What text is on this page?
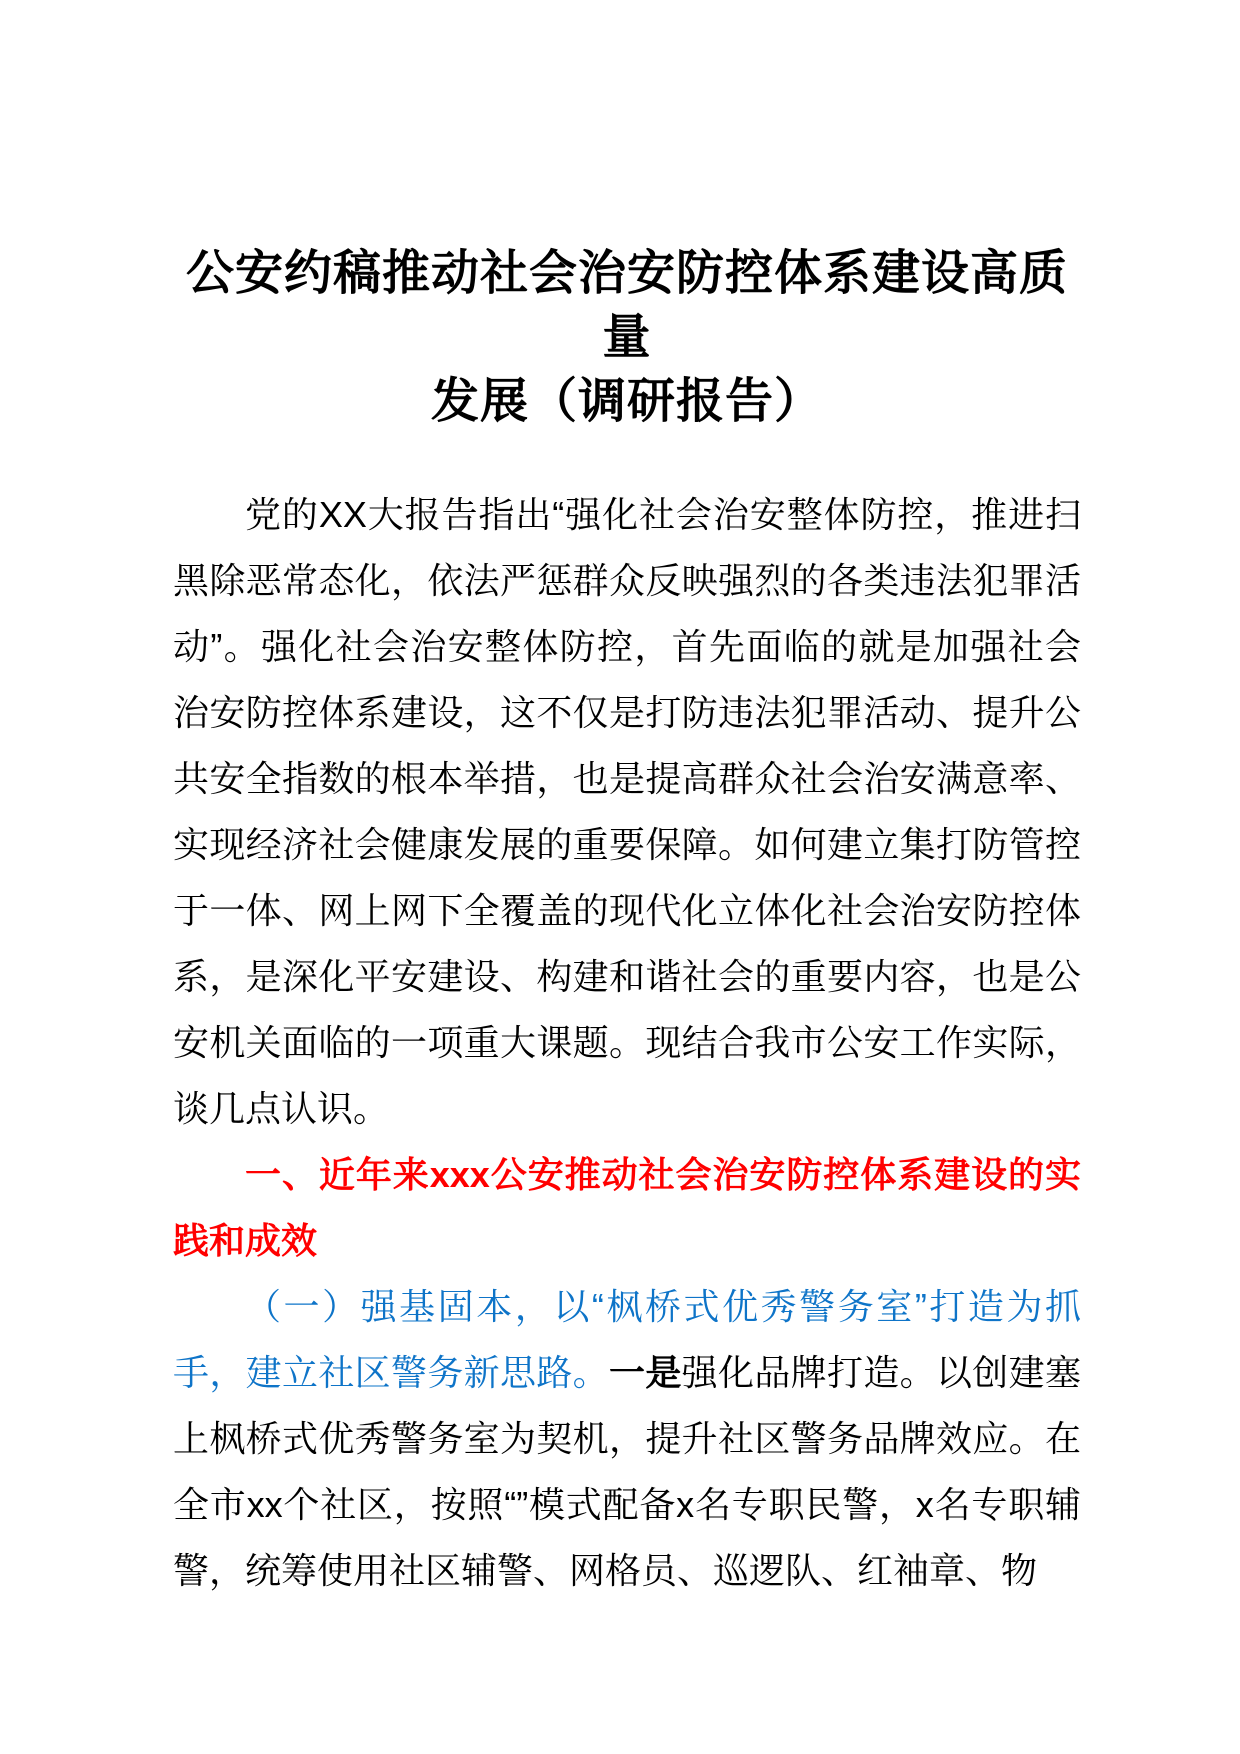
公安约稿推动社会治安防控体系建设高质量
发展（调研报告）

党的XX大报告指出“强化社会治安整体防控，推进扫黑除恶常态化，依法严惩群众反映强烈的各类违法犯罪活动”。强化社会治安整体防控，首先面临的就是加强社会治安防控体系建设，这不仅是打防违法犯罪活动、提升公共安全指数的根本举措，也是提高群众社会治安满意率、实现经济社会健康发展的重要保障。如何建立集打防管控于一体、网上网下全覆盖的现代化立体化社会治安防控体系，是深化平安建设、构建和谐社会的重要内容，也是公安机关面临的一项重大课题。现结合我市公安工作实际，谈几点认识。

一、近年来xxx公安推动社会治安防控体系建设的实践和成效

（一）强基固本，以“枫桥式优秀警务室”打造为抓手，建立社区警务新思路。一是强化品牌打造。以创建塞上枫桥式优秀警务室为契机，提升社区警务品牌效应。在全市xx个社区，按照“”模式配备x名专职民警，x名专职辅警，统筹使用社区辅警、网格员、巡逻队、红袖章、物
